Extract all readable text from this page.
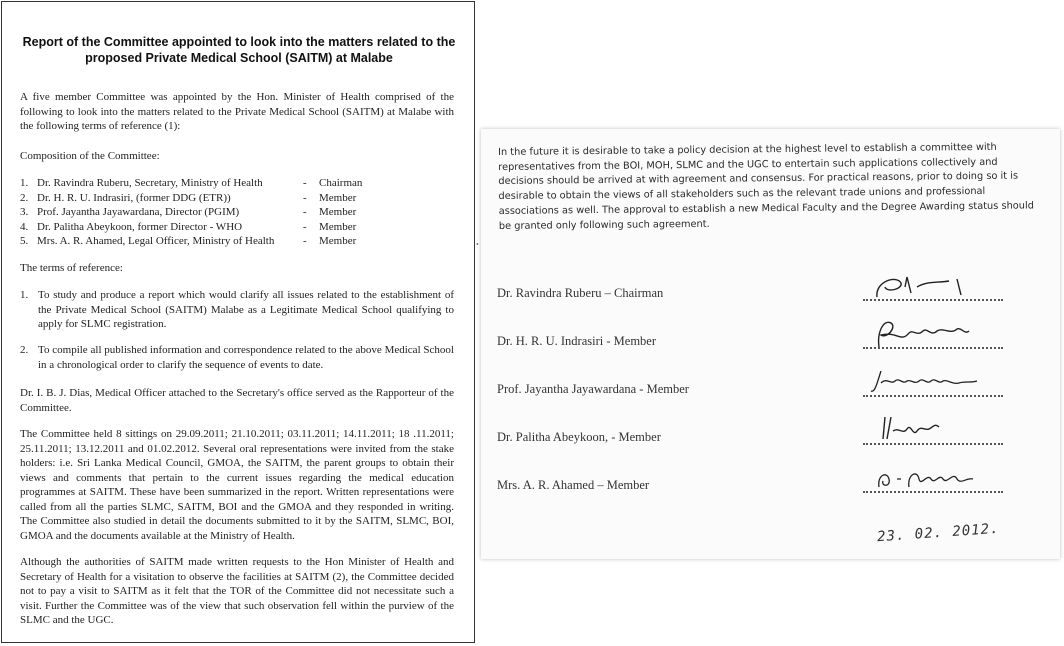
Report of the Committee appointed to look into the matters related to the proposed Private Medical School (SAITM) at Malabe
A five member Committee was appointed by the Hon. Minister of Health comprised of the following to look into the matters related to the Private Medical School (SAITM) at Malabe with the following terms of reference (1):
Composition of the Committee:
1. Dr. Ravindra Ruberu, Secretary, Ministry of Health	-	Chairman
2. Dr. H. R. U. Indrasiri, (former DDG (ETR))	-	Member
3. Prof. Jayantha Jayawardana, Director (PGIM)	-	Member
4. Dr. Palitha Abeykoon, former Director - WHO	-	Member
5. Mrs. A. R. Ahamed, Legal Officer, Ministry of Health	-	Member
The terms of reference:
1. To study and produce a report which would clarify all issues related to the establishment of the Private Medical School (SAITM) Malabe as a Legitimate Medical School qualifying to apply for SLMC registration.
2. To compile all published information and correspondence related to the above Medical School in a chronological order to clarify the sequence of events to date.
Dr. I. B. J. Dias, Medical Officer attached to the Secretary's office served as the Rapporteur of the Committee.
The Committee held 8 sittings on 29.09.2011; 21.10.2011; 03.11.2011; 14.11.2011; 18 .11.2011; 25.11.2011; 13.12.2011 and 01.02.2012. Several oral representations were invited from the stake holders: i.e. Sri Lanka Medical Council, GMOA, the SAITM, the parent groups to obtain their views and comments that pertain to the current issues regarding the medical education programmes at SAITM. These have been summarized in the report. Written representations were called from all the parties SLMC, SAITM, BOI and the GMOA and they responded in writing. The Committee also studied in detail the documents submitted to it by the SAITM, SLMC, BOI, GMOA and the documents available at the Ministry of Health.
Although the authorities of SAITM made written requests to the Hon Minister of Health and Secretary of Health for a visitation to observe the facilities at SAITM (2), the Committee decided not to pay a visit to SAITM as it felt that the TOR of the Committee did not necessitate such a visit. Further the Committee was of the view that such observation fell within the purview of the SLMC and the UGC.
•
In the future it is desirable to take a policy decision at the highest level to establish a committee with representatives from the BOI, MOH, SLMC and the UGC to entertain such applications collectively and decisions should be arrived at with agreement and consensus. For practical reasons, prior to doing so it is desirable to obtain the views of all stakeholders such as the relevant trade unions and professional associations as well. The approval to establish a new Medical Faculty and the Degree Awarding status should be granted only following such agreement.
Dr. Ravindra Ruberu – Chairman
Dr. H. R. U. Indrasiri - Member
Prof. Jayantha Jayawardana - Member
Dr. Palitha Abeykoon, - Member
Mrs. A. R. Ahamed – Member
23. 02. 2012.
